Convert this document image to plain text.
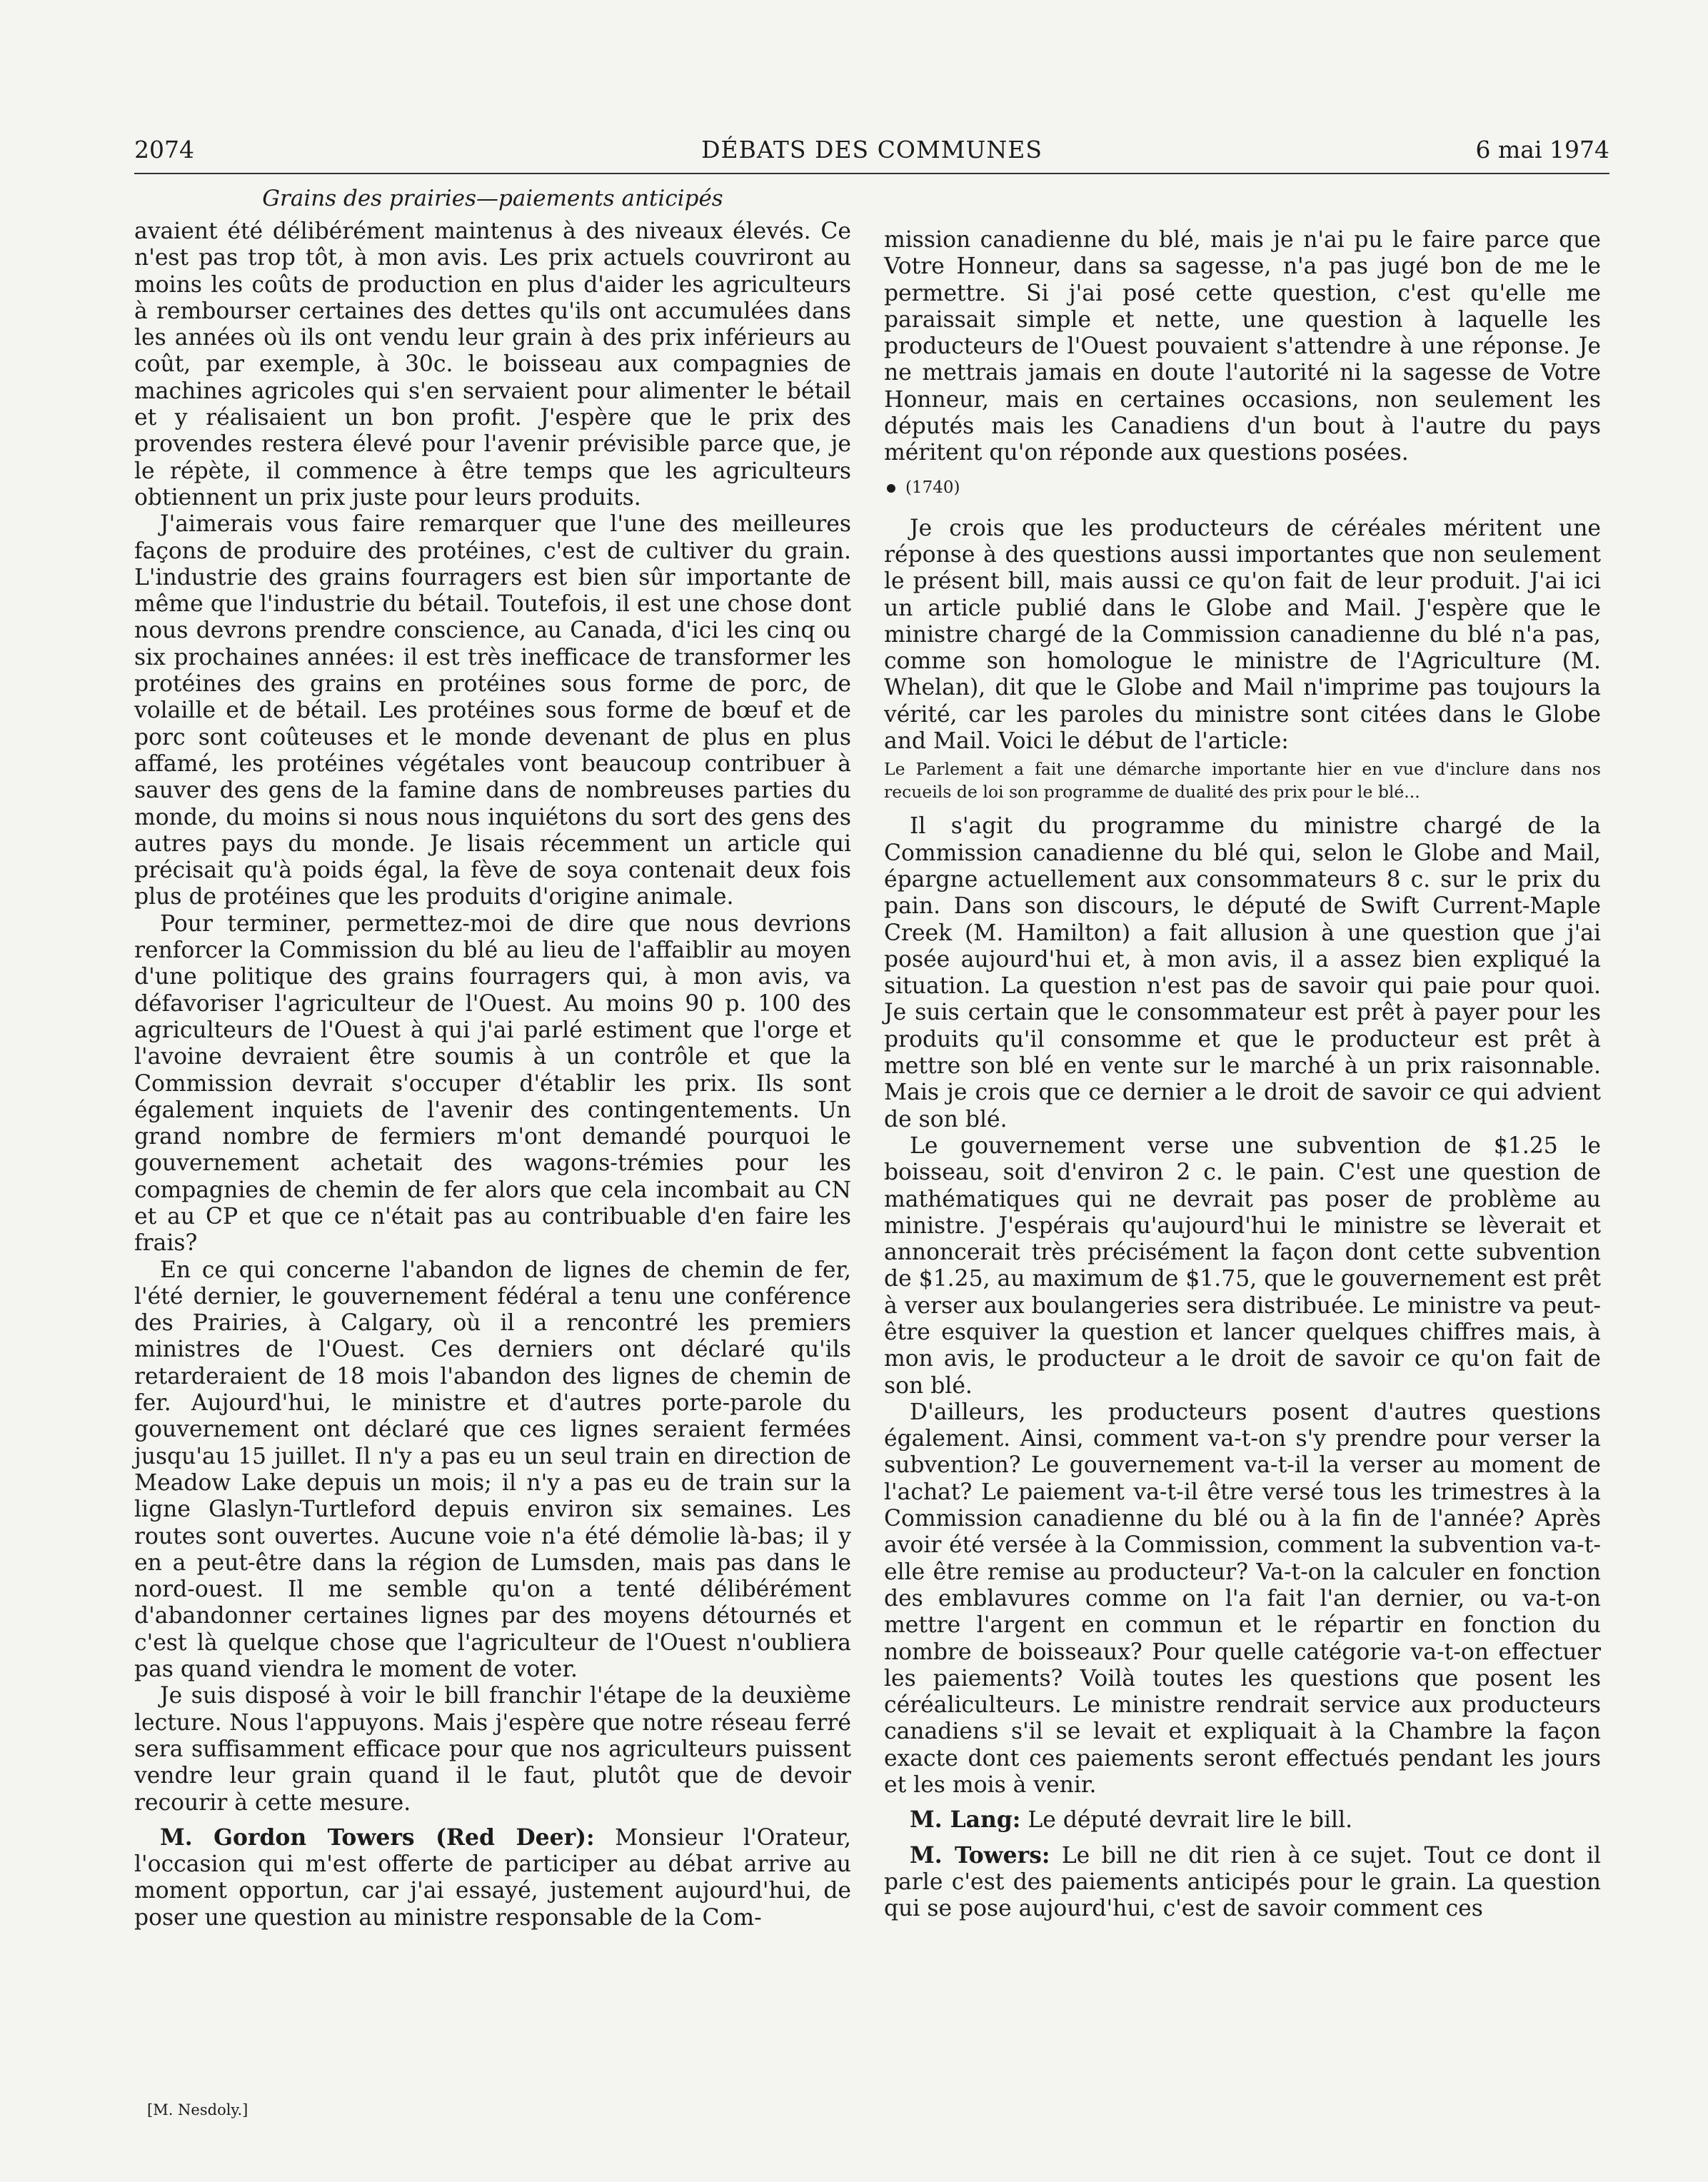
2074	DÉBATS DES COMMUNES	6 mai 1974
Grains des prairies—paiements anticipés

avaient été délibérément maintenus à des niveaux élevés. Ce n'est pas trop tôt, à mon avis. Les prix actuels couvriront au moins les coûts de production en plus d'aider les agriculteurs à rembourser certaines des dettes qu'ils ont accumulées dans les années où ils ont vendu leur grain à des prix inférieurs au coût, par exemple, à 30c. le boisseau aux compagnies de machines agricoles qui s'en servaient pour alimenter le bétail et y réalisaient un bon profit. J'espère que le prix des provendes restera élevé pour l'avenir prévisible parce que, je le répète, il commence à être temps que les agriculteurs obtiennent un prix juste pour leurs produits.

J'aimerais vous faire remarquer que l'une des meilleures façons de produire des protéines, c'est de cultiver du grain. L'industrie des grains fourragers est bien sûr importante de même que l'industrie du bétail. Toutefois, il est une chose dont nous devrons prendre conscience, au Canada, d'ici les cinq ou six prochaines années: il est très inefficace de transformer les protéines des grains en protéines sous forme de porc, de volaille et de bétail. Les protéines sous forme de bœuf et de porc sont coûteuses et le monde devenant de plus en plus affamé, les protéines végétales vont beaucoup contribuer à sauver des gens de la famine dans de nombreuses parties du monde, du moins si nous nous inquiétons du sort des gens des autres pays du monde. Je lisais récemment un article qui précisait qu'à poids égal, la fève de soya contenait deux fois plus de protéines que les produits d'origine animale.

Pour terminer, permettez-moi de dire que nous devrions renforcer la Commission du blé au lieu de l'affaiblir au moyen d'une politique des grains fourragers qui, à mon avis, va défavoriser l'agriculteur de l'Ouest. Au moins 90 p. 100 des agriculteurs de l'Ouest à qui j'ai parlé estiment que l'orge et l'avoine devraient être soumis à un contrôle et que la Commission devrait s'occuper d'établir les prix. Ils sont également inquiets de l'avenir des contingentements. Un grand nombre de fermiers m'ont demandé pourquoi le gouvernement achetait des wagons-trémies pour les compagnies de chemin de fer alors que cela incombait au CN et au CP et que ce n'était pas au contribuable d'en faire les frais?

En ce qui concerne l'abandon de lignes de chemin de fer, l'été dernier, le gouvernement fédéral a tenu une conférence des Prairies, à Calgary, où il a rencontré les premiers ministres de l'Ouest. Ces derniers ont déclaré qu'ils retarderaient de 18 mois l'abandon des lignes de chemin de fer. Aujourd'hui, le ministre et d'autres porte-parole du gouvernement ont déclaré que ces lignes seraient fermées jusqu'au 15 juillet. Il n'y a pas eu un seul train en direction de Meadow Lake depuis un mois; il n'y a pas eu de train sur la ligne Glaslyn-Turtleford depuis environ six semaines. Les routes sont ouvertes. Aucune voie n'a été démolie là-bas; il y en a peut-être dans la région de Lumsden, mais pas dans le nord-ouest. Il me semble qu'on a tenté délibérément d'abandonner certaines lignes par des moyens détournés et c'est là quelque chose que l'agriculteur de l'Ouest n'oubliera pas quand viendra le moment de voter.

Je suis disposé à voir le bill franchir l'étape de la deuxième lecture. Nous l'appuyons. Mais j'espère que notre réseau ferré sera suffisamment efficace pour que nos agriculteurs puissent vendre leur grain quand il le faut, plutôt que de devoir recourir à cette mesure.

M. Gordon Towers (Red Deer): Monsieur l'Orateur, l'occasion qui m'est offerte de participer au débat arrive au moment opportun, car j'ai essayé, justement aujourd'hui, de poser une question au ministre responsable de la Com-

[M. Nesdoly.]

mission canadienne du blé, mais je n'ai pu le faire parce que Votre Honneur, dans sa sagesse, n'a pas jugé bon de me le permettre. Si j'ai posé cette question, c'est qu'elle me paraissait simple et nette, une question à laquelle les producteurs de l'Ouest pouvaient s'attendre à une réponse. Je ne mettrais jamais en doute l'autorité ni la sagesse de Votre Honneur, mais en certaines occasions, non seulement les députés mais les Canadiens d'un bout à l'autre du pays méritent qu'on réponde aux questions posées.

(1740)

Je crois que les producteurs de céréales méritent une réponse à des questions aussi importantes que non seulement le présent bill, mais aussi ce qu'on fait de leur produit. J'ai ici un article publié dans le Globe and Mail. J'espère que le ministre chargé de la Commission canadienne du blé n'a pas, comme son homologue le ministre de l'Agriculture (M. Whelan), dit que le Globe and Mail n'imprime pas toujours la vérité, car les paroles du ministre sont citées dans le Globe and Mail. Voici le début de l'article:

Le Parlement a fait une démarche importante hier en vue d'inclure dans nos recueils de loi son programme de dualité des prix pour le blé...

Il s'agit du programme du ministre chargé de la Commission canadienne du blé qui, selon le Globe and Mail, épargne actuellement aux consommateurs 8 c. sur le prix du pain. Dans son discours, le député de Swift Current-Maple Creek (M. Hamilton) a fait allusion à une question que j'ai posée aujourd'hui et, à mon avis, il a assez bien expliqué la situation. La question n'est pas de savoir qui paie pour quoi. Je suis certain que le consommateur est prêt à payer pour les produits qu'il consomme et que le producteur est prêt à mettre son blé en vente sur le marché à un prix raisonnable. Mais je crois que ce dernier a le droit de savoir ce qui advient de son blé.

Le gouvernement verse une subvention de $1.25 le boisseau, soit d'environ 2 c. le pain. C'est une question de mathématiques qui ne devrait pas poser de problème au ministre. J'espérais qu'aujourd'hui le ministre se lèverait et annoncerait très précisément la façon dont cette subvention de $1.25, au maximum de $1.75, que le gouvernement est prêt à verser aux boulangeries sera distribuée. Le ministre va peut-être esquiver la question et lancer quelques chiffres mais, à mon avis, le producteur a le droit de savoir ce qu'on fait de son blé.

D'ailleurs, les producteurs posent d'autres questions également. Ainsi, comment va-t-on s'y prendre pour verser la subvention? Le gouvernement va-t-il la verser au moment de l'achat? Le paiement va-t-il être versé tous les trimestres à la Commission canadienne du blé ou à la fin de l'année? Après avoir été versée à la Commission, comment la subvention va-t-elle être remise au producteur? Va-t-on la calculer en fonction des emblavures comme on l'a fait l'an dernier, ou va-t-on mettre l'argent en commun et le répartir en fonction du nombre de boisseaux? Pour quelle catégorie va-t-on effectuer les paiements? Voilà toutes les questions que posent les céréaliculteurs. Le ministre rendrait service aux producteurs canadiens s'il se levait et expliquait à la Chambre la façon exacte dont ces paiements seront effectués pendant les jours et les mois à venir.

M. Lang: Le député devrait lire le bill.

M. Towers: Le bill ne dit rien à ce sujet. Tout ce dont il parle c'est des paiements anticipés pour le grain. La question qui se pose aujourd'hui, c'est de savoir comment ces
